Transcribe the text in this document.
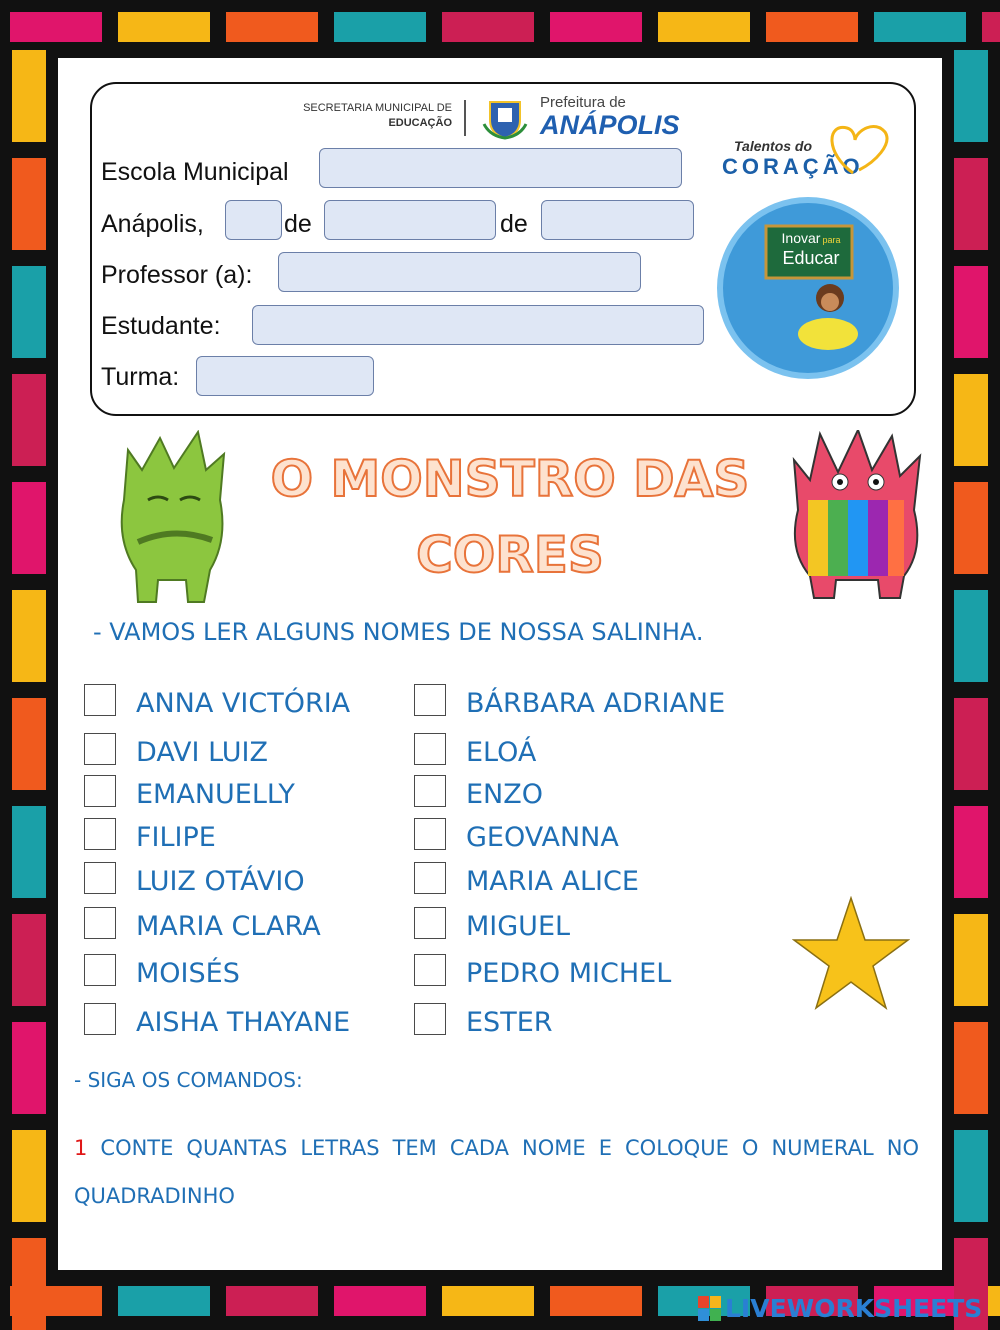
SECRETARIA MUNICIPAL DE
EDUCAÇÃO
Prefeitura de
ANÁPOLIS
Talentos do
CORAÇÃO
Inovar para
Educar
Escola Municipal
Anápolis,	de	de
Professor (a):
Estudante:
Turma:
O MONSTRO DAS
CORES
- VAMOS LER ALGUNS NOMES DE NOSSA SALINHA.
ANNA VICTÓRIA
DAVI LUIZ
EMANUELLY
FILIPE
LUIZ OTÁVIO
MARIA CLARA
MOISÉS
AISHA THAYANE
BÁRBARA ADRIANE
ELOÁ
ENZO
GEOVANNA
MARIA ALICE
MIGUEL
PEDRO MICHEL
ESTER
- SIGA OS COMANDOS:
1 CONTE QUANTAS LETRAS TEM CADA NOME E COLOQUE O NUMERAL NO
QUADRADINHO
LIVEWORKSHEETS
